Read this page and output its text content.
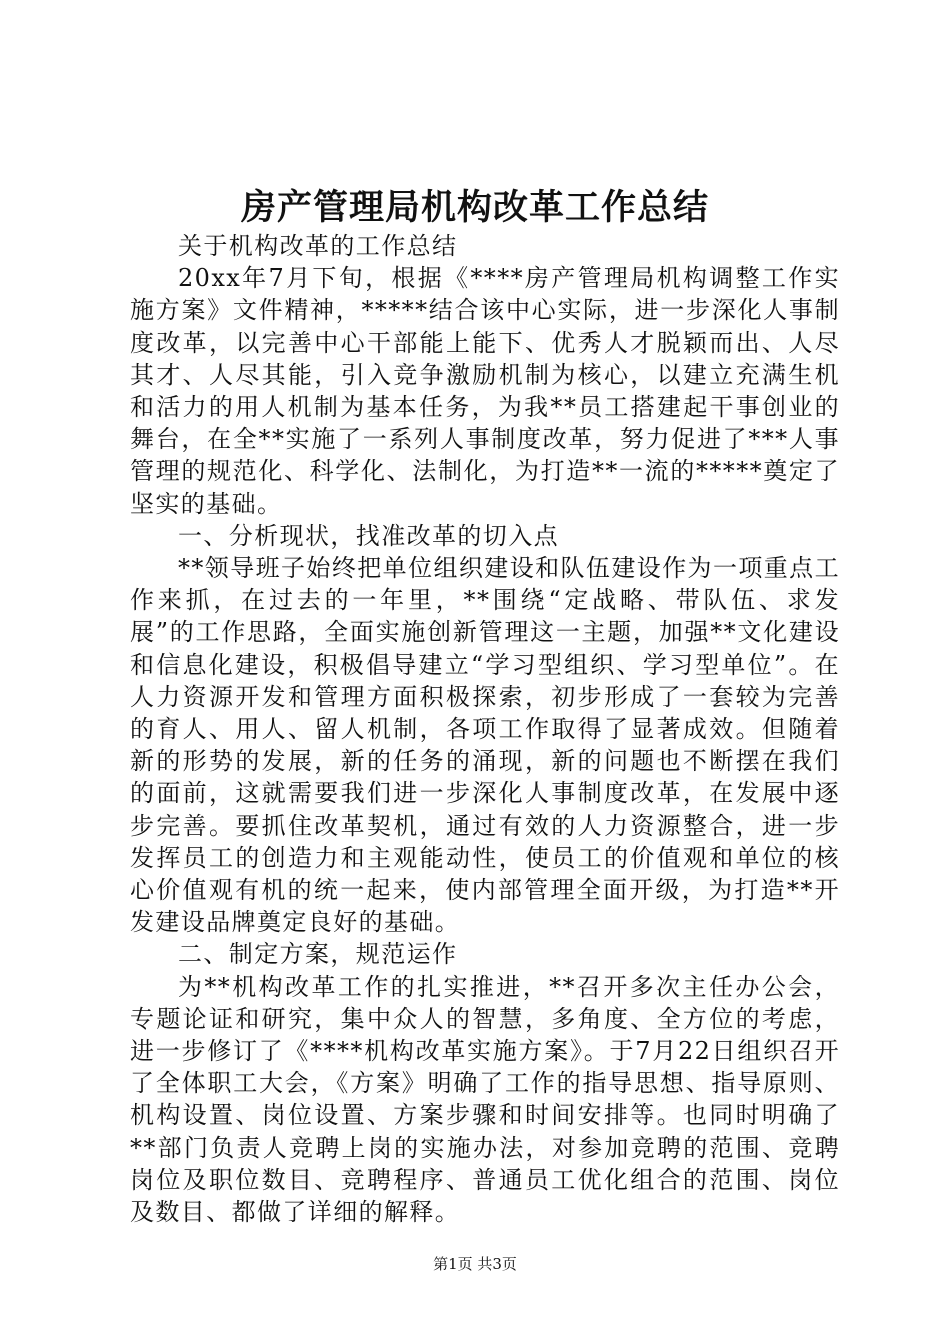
房产管理局机构改革工作总结

关于机构改革的工作总结

20xx年7月下旬，根据《****房产管理局机构调整工作实施方案》文件精神，*****结合该中心实际，进一步深化人事制度改革，以完善中心干部能上能下、优秀人才脱颖而出、人尽其才、人尽其能，引入竞争激励机制为核心，以建立充满生机和活力的用人机制为基本任务，为我**员工搭建起干事创业的舞台，在全**实施了一系列人事制度改革，努力促进了***人事管理的规范化、科学化、法制化，为打造**一流的*****奠定了坚实的基础。

一、分析现状，找准改革的切入点

**领导班子始终把单位组织建设和队伍建设作为一项重点工作来抓，在过去的一年里，**围绕“定战略、带队伍、求发展”的工作思路，全面实施创新管理这一主题，加强**文化建设和信息化建设，积极倡导建立“学习型组织、学习型单位”。在人力资源开发和管理方面积极探索，初步形成了一套较为完善的育人、用人、留人机制，各项工作取得了显著成效。但随着新的形势的发展，新的任务的涌现，新的问题也不断摆在我们的面前，这就需要我们进一步深化人事制度改革，在发展中逐步完善。要抓住改革契机，通过有效的人力资源整合，进一步发挥员工的创造力和主观能动性，使员工的价值观和单位的核心价值观有机的统一起来，使内部管理全面开级，为打造**开发建设品牌奠定良好的基础。

二、制定方案，规范运作

为**机构改革工作的扎实推进，**召开多次主任办公会，专题论证和研究，集中众人的智慧，多角度、全方位的考虑，进一步修订了《****机构改革实施方案》。于7月22日组织召开了全体职工大会，《方案》明确了工作的指导思想、指导原则、机构设置、岗位设置、方案步骤和时间安排等。也同时明确了**部门负责人竞聘上岗的实施办法，对参加竞聘的范围、竞聘岗位及职位数目、竞聘程序、普通员工优化组合的范围、岗位及数目、都做了详细的解释。

第1页 共3页
